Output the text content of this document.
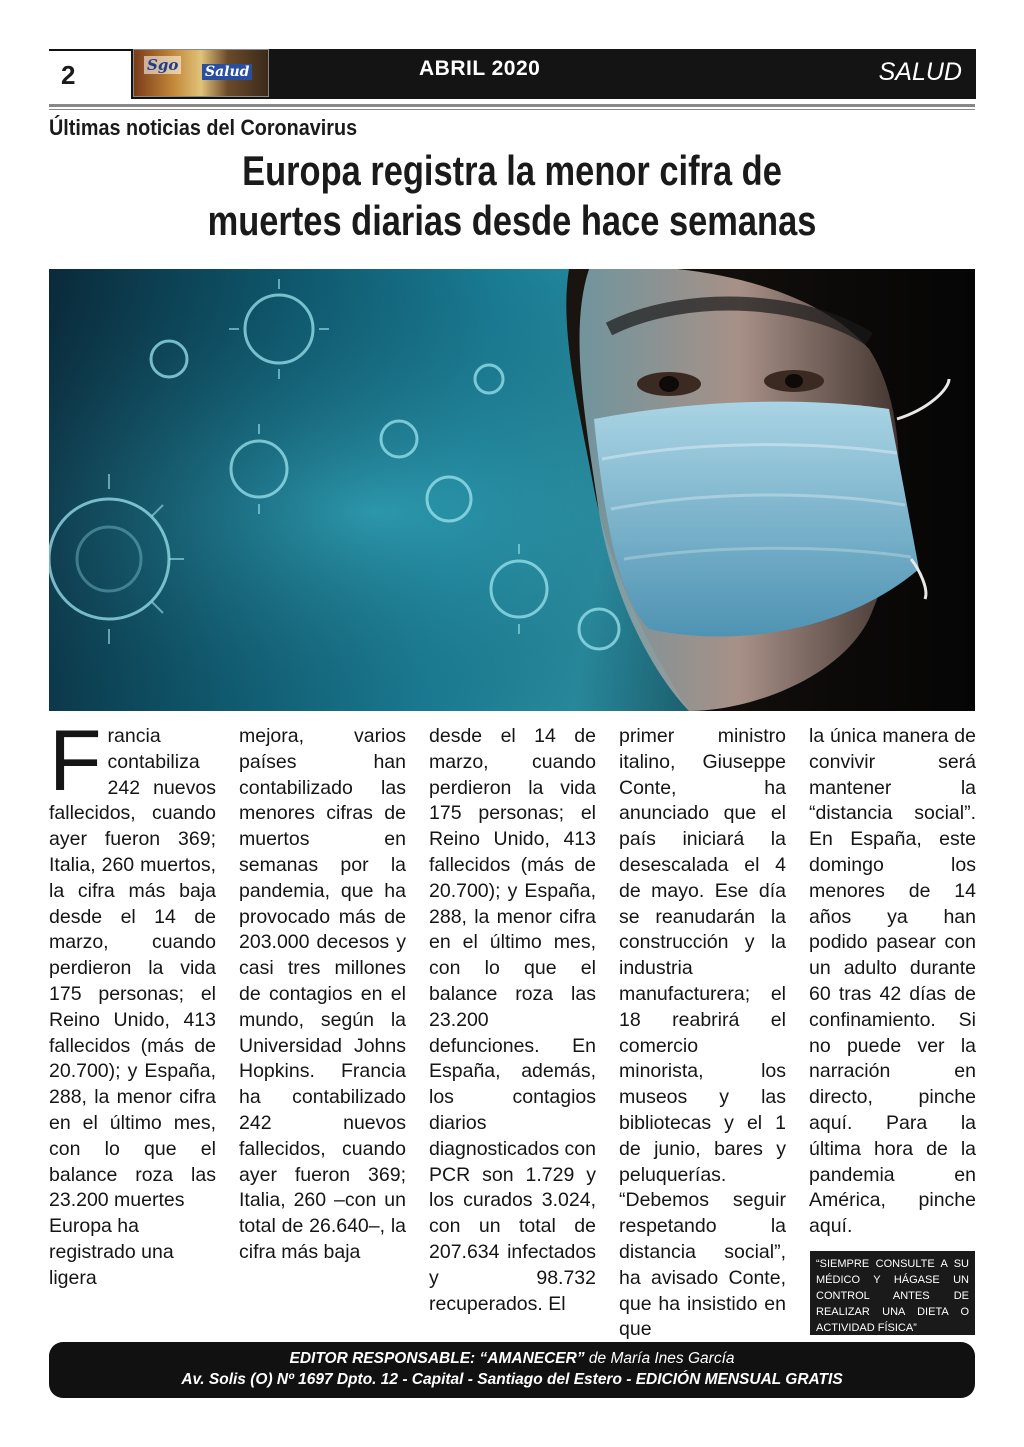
2	Sgo Salud	ABRIL 2020	SALUD
Últimas noticias del Coronavirus
Europa registra la menor cifra de
muertes diarias desde hace semanas
F rancia contabiliza 242 nuevos fallecidos, cuando ayer fueron 369; Italia, 260 muertos, la cifra más baja desde el 14 de marzo, cuando perdieron la vida 175 personas; el Reino Unido, 413 fallecidos (más de 20.700); y España, 288, la menor cifra en el último mes, con lo que el balance roza las 23.200 muertes
Europa ha registrado una ligera
mejora, varios países han contabilizado las menores cifras de muertos en semanas por la pandemia, que ha provocado más de 203.000 decesos y casi tres millones de contagios en el mundo, según la Universidad Johns Hopkins. Francia ha contabilizado 242 nuevos fallecidos, cuando ayer fueron 369; Italia, 260 –con un total de 26.640–, la cifra más baja
desde el 14 de marzo, cuando perdieron la vida 175 personas; el Reino Unido, 413 fallecidos (más de 20.700); y España, 288, la menor cifra en el último mes, con lo que el balance roza las 23.200 defunciones. En España, además, los contagios diarios diagnosticados con PCR son 1.729 y los curados 3.024, con un total de 207.634 infectados y 98.732 recuperados. El
primer ministro italino, Giuseppe Conte, ha anunciado que el país iniciará la desescalada el 4 de mayo. Ese día se reanudarán la construcción y la industria manufacturera; el 18 reabrirá el comercio minorista, los museos y las bibliotecas y el 1 de junio, bares y peluquerías. “Debemos seguir respetando la distancia social”, ha avisado Conte, que ha insistido en que
la única manera de convivir será mantener la “distancia social”. En España, este domingo los menores de 14 años ya han podido pasear con un adulto durante 60 tras 42 días de confinamiento. Si no puede ver la narración en directo, pinche aquí. Para la última hora de la pandemia en América, pinche aquí.
“SIEMPRE CONSULTE A SU MÉDICO Y HÁGASE UN CONTROL ANTES DE REALIZAR UNA DIETA O ACTIVIDAD FÍSICA”
EDITOR RESPONSABLE: “AMANECER” de María Ines García
Av. Solis (O) Nº 1697 Dpto. 12 - Capital - Santiago del Estero - EDICIÓN MENSUAL GRATIS
